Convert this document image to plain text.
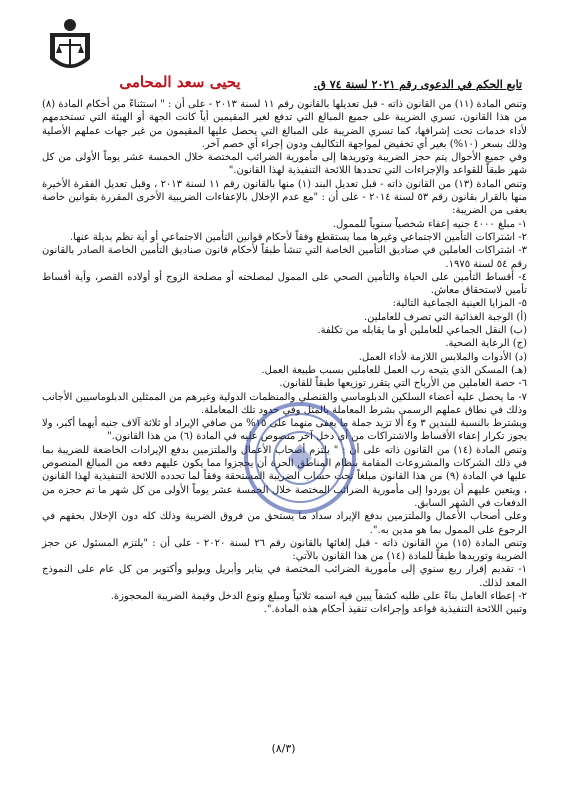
يحيى سعد المحامى	تابع الحكم في الدعوى رقم ٢٠٢١ لسنة ٧٤ ق.

وتنص المادة (١١) من القانون ذاته - قبل تعديلها بالقانون رقم ١١ لسنة ٢٠١٣ - على أن : " استثناءً من أحكام المادة (٨) من هذا القانون، تسري الضريبة على جميع المبالغ التي تدفع لغير المقيمين أياً كانت الجهة أو الهيئة التي تستخدمهم لأداء خدمات تحت إشرافها، كما تسري الضريبة على المبالغ التي يحصل عليها المقيمون من غير جهات عملهم الأصلية وذلك بسعر (١٠%) بغير أي تخفيض لمواجهة التكاليف ودون إجراء أي خصم آخر.

وفي جميع الأحوال يتم حجز الضريبة وتوريدها إلى مأمورية الضرائب المختصة خلال الخمسة عشر يوماً الأولى من كل شهر طبقاً للقواعد والإجراءات التي تحددها اللائحة التنفيذية لهذا القانون."

وتنص المادة (١٣) من القانون ذاته - قبل تعديل البند (١) منها بالقانون رقم ١١ لسنة ٢٠١٣ ، وقبل تعديل الفقرة الأخيرة منها بالقرار بقانون رقم ٥٣ لسنة ٢٠١٤ - على أن : "مع عدم الإخلال بالإعفاءات الضريبية الأخرى المقررة بقوانين خاصة يعفى من الضريبة:

١- مبلغ ٤٠٠٠ جنيه إعفاء شخصياً سنوياً للممول.

٢- اشتراكات التأمين الاجتماعي وغيرها مما يستقطع وفقاً لأحكام قوانين التأمين الاجتماعي أو أية نظم بديلة عنها.

٣- اشتراكات العاملين في صناديق التأمين الخاصة التي تنشأ طبقاً لأحكام قانون صناديق التأمين الخاصة الصادر بالقانون رقم ٥٤ لسنة ١٩٧٥.

٤- أقساط التأمين على الحياة والتأمين الصحي على الممول لمصلحته أو مصلحة الزوج أو أولاده القصر، وأية أقساط تأمين لاستحقاق معاش.

٥- المزايا العينية الجماعية التالية:

(أ) الوجبة الغذائية التي تصرف للعاملين.

(ب) النقل الجماعي للعاملين أو ما يقابله من تكلفة.

(ج) الرعاية الصحية.

(د) الأدوات والملابس اللازمة لأداء العمل.

(هـ) المسكن الذي يتيحه رب العمل للعاملين بسبب طبيعة العمل.

٦- حصة العاملين من الأرباح التي يتقرر توزيعها طبقاً للقانون.

٧- ما يحصل عليه أعضاء السلكين الدبلوماسي والقنصلي والمنظمات الدولية وغيرهم من الممثلين الدبلوماسيين الأجانب وذلك في نطاق عملهم الرسمي بشرط المعاملة بالمثل وفي حدود تلك المعاملة.

ويشترط بالنسبة للبندين ٣ و٤ ألا تزيد جملة ما يعفى منهما على ١٥% من صافي الإيراد أو ثلاثة آلاف جنيه أيهما أكبر، ولا يجوز تكرار إعفاء الأقساط والاشتراكات من أي دخل آخر منصوص عليه في المادة (٦) من هذا القانون."

وتنص المادة (١٤) من القانون ذاته على أن : " يلتزم أصحاب الأعمال والملتزمين بدفع الإيرادات الخاضعة للضريبة بما في ذلك الشركات والمشروعات المقامة بنظام المناطق الحرة أن يحجزوا مما يكون عليهم دفعه من المبالغ المنصوص عليها في المادة (٩) من هذا القانون مبلغاً تحت حساب الضريبة المستحقة وفقاً لما تحدده اللائحة التنفيذية لهذا القانون ، ويتعين عليهم أن يوردوا إلى مأمورية الضرائب المختصة خلال الخمسة عشر يوماً الأولى من كل شهر ما تم حجزه من الدفعات في الشهر السابق.

وعلى أصحاب الأعمال والملتزمين بدفع الإيراد سداد ما يستحق من فروق الضريبة وذلك كله دون الإخلال بحقهم في الرجوع على الممول بما هو مدين به.".

وتنص المادة (١٥) من القانون ذاته - قبل إلغائها بالقانون رقم ٢٦ لسنة ٢٠٢٠ - على أن : "يلتزم المسئول عن حجز الضريبة وتوريدها طبقاً للمادة (١٤) من هذا القانون بالآتي:

١- تقديم إقرار ربع سنوي إلى مأمورية الضرائب المختصة في يناير وأبريل ويوليو وأكتوبر من كل عام على النموذج المعد لذلك.

٢- إعطاء العامل بناءً على طلبه كشفاً يبين فيه اسمه ثلاثياً ومبلغ ونوع الدخل وقيمة الضريبة المحجوزة.

وتبين اللائحة التنفيذية قواعد وإجراءات تنفيذ أحكام هذه المادة.".

(٨/٣)
